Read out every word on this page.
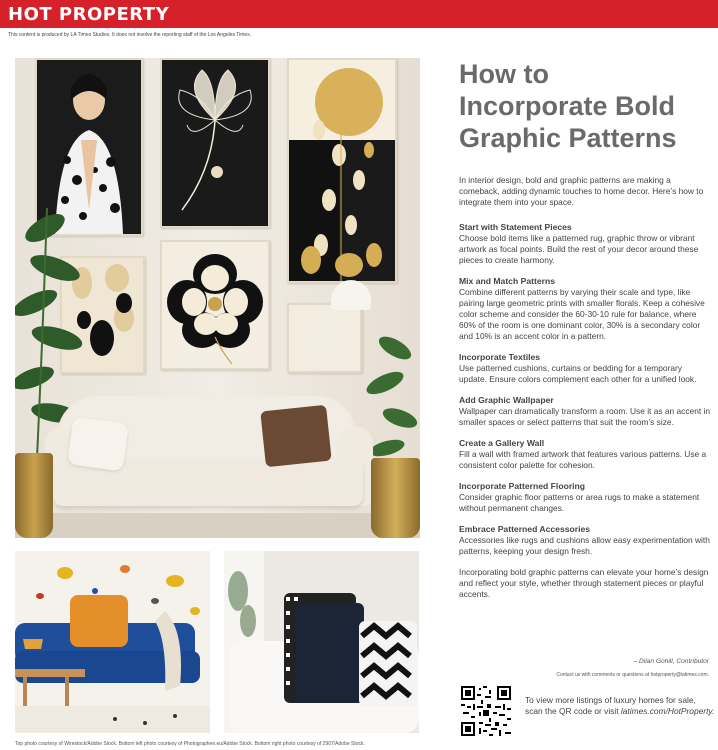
HOT PROPERTY
This content is produced by LA Times Studios. It does not involve the reporting staff of the Los Angeles Times.
Top photo courtesy of Wirestock/Adobe Stock. Bottom left photo courtesy of Photographee.eu/Adobe Stock. Bottom right photo courtesy of 2907/Adobe Stock.
How to
Incorporate Bold
Graphic Patterns

In interior design, bold and graphic patterns are making a comeback, adding dynamic touches to home decor. Here’s how to integrate them into your space.

Start with Statement Pieces

Choose bold items like a patterned rug, graphic throw or vibrant artwork as focal points. Build the rest of your decor around these pieces to create harmony.

Mix and Match Patterns

Combine different patterns by varying their scale and type, like pairing large geometric prints with smaller florals. Keep a cohesive color scheme and consider the 60-30-10 rule for balance, where 60% of the room is one dominant color, 30% is a secondary color and 10% is an accent color in a pattern.

Incorporate Textiles

Use patterned cushions, curtains or bedding for a temporary update. Ensure colors complement each other for a unified look.

Add Graphic Wallpaper

Wallpaper can dramatically transform a room. Use it as an accent in smaller spaces or select patterns that suit the room’s size.

Create a Gallery Wall

Fill a wall with framed artwork that features various patterns. Use a consistent color palette for cohesion.

Incorporate Patterned Flooring

Consider graphic floor patterns or area rugs to make a statement without permanent changes.

Embrace Patterned Accessories

Accessories like rugs and cushions allow easy experimentation with patterns, keeping your design fresh.

Incorporating bold graphic patterns can elevate your home’s design and reflect your style, whether through statement pieces or playful accents.

– Dilan Gohill, Contributor
Contact us with comments or questions at hotproperty@latimes.com.

To view more listings of luxury homes for sale, scan the QR code or visit latimes.com/HotProperty.
